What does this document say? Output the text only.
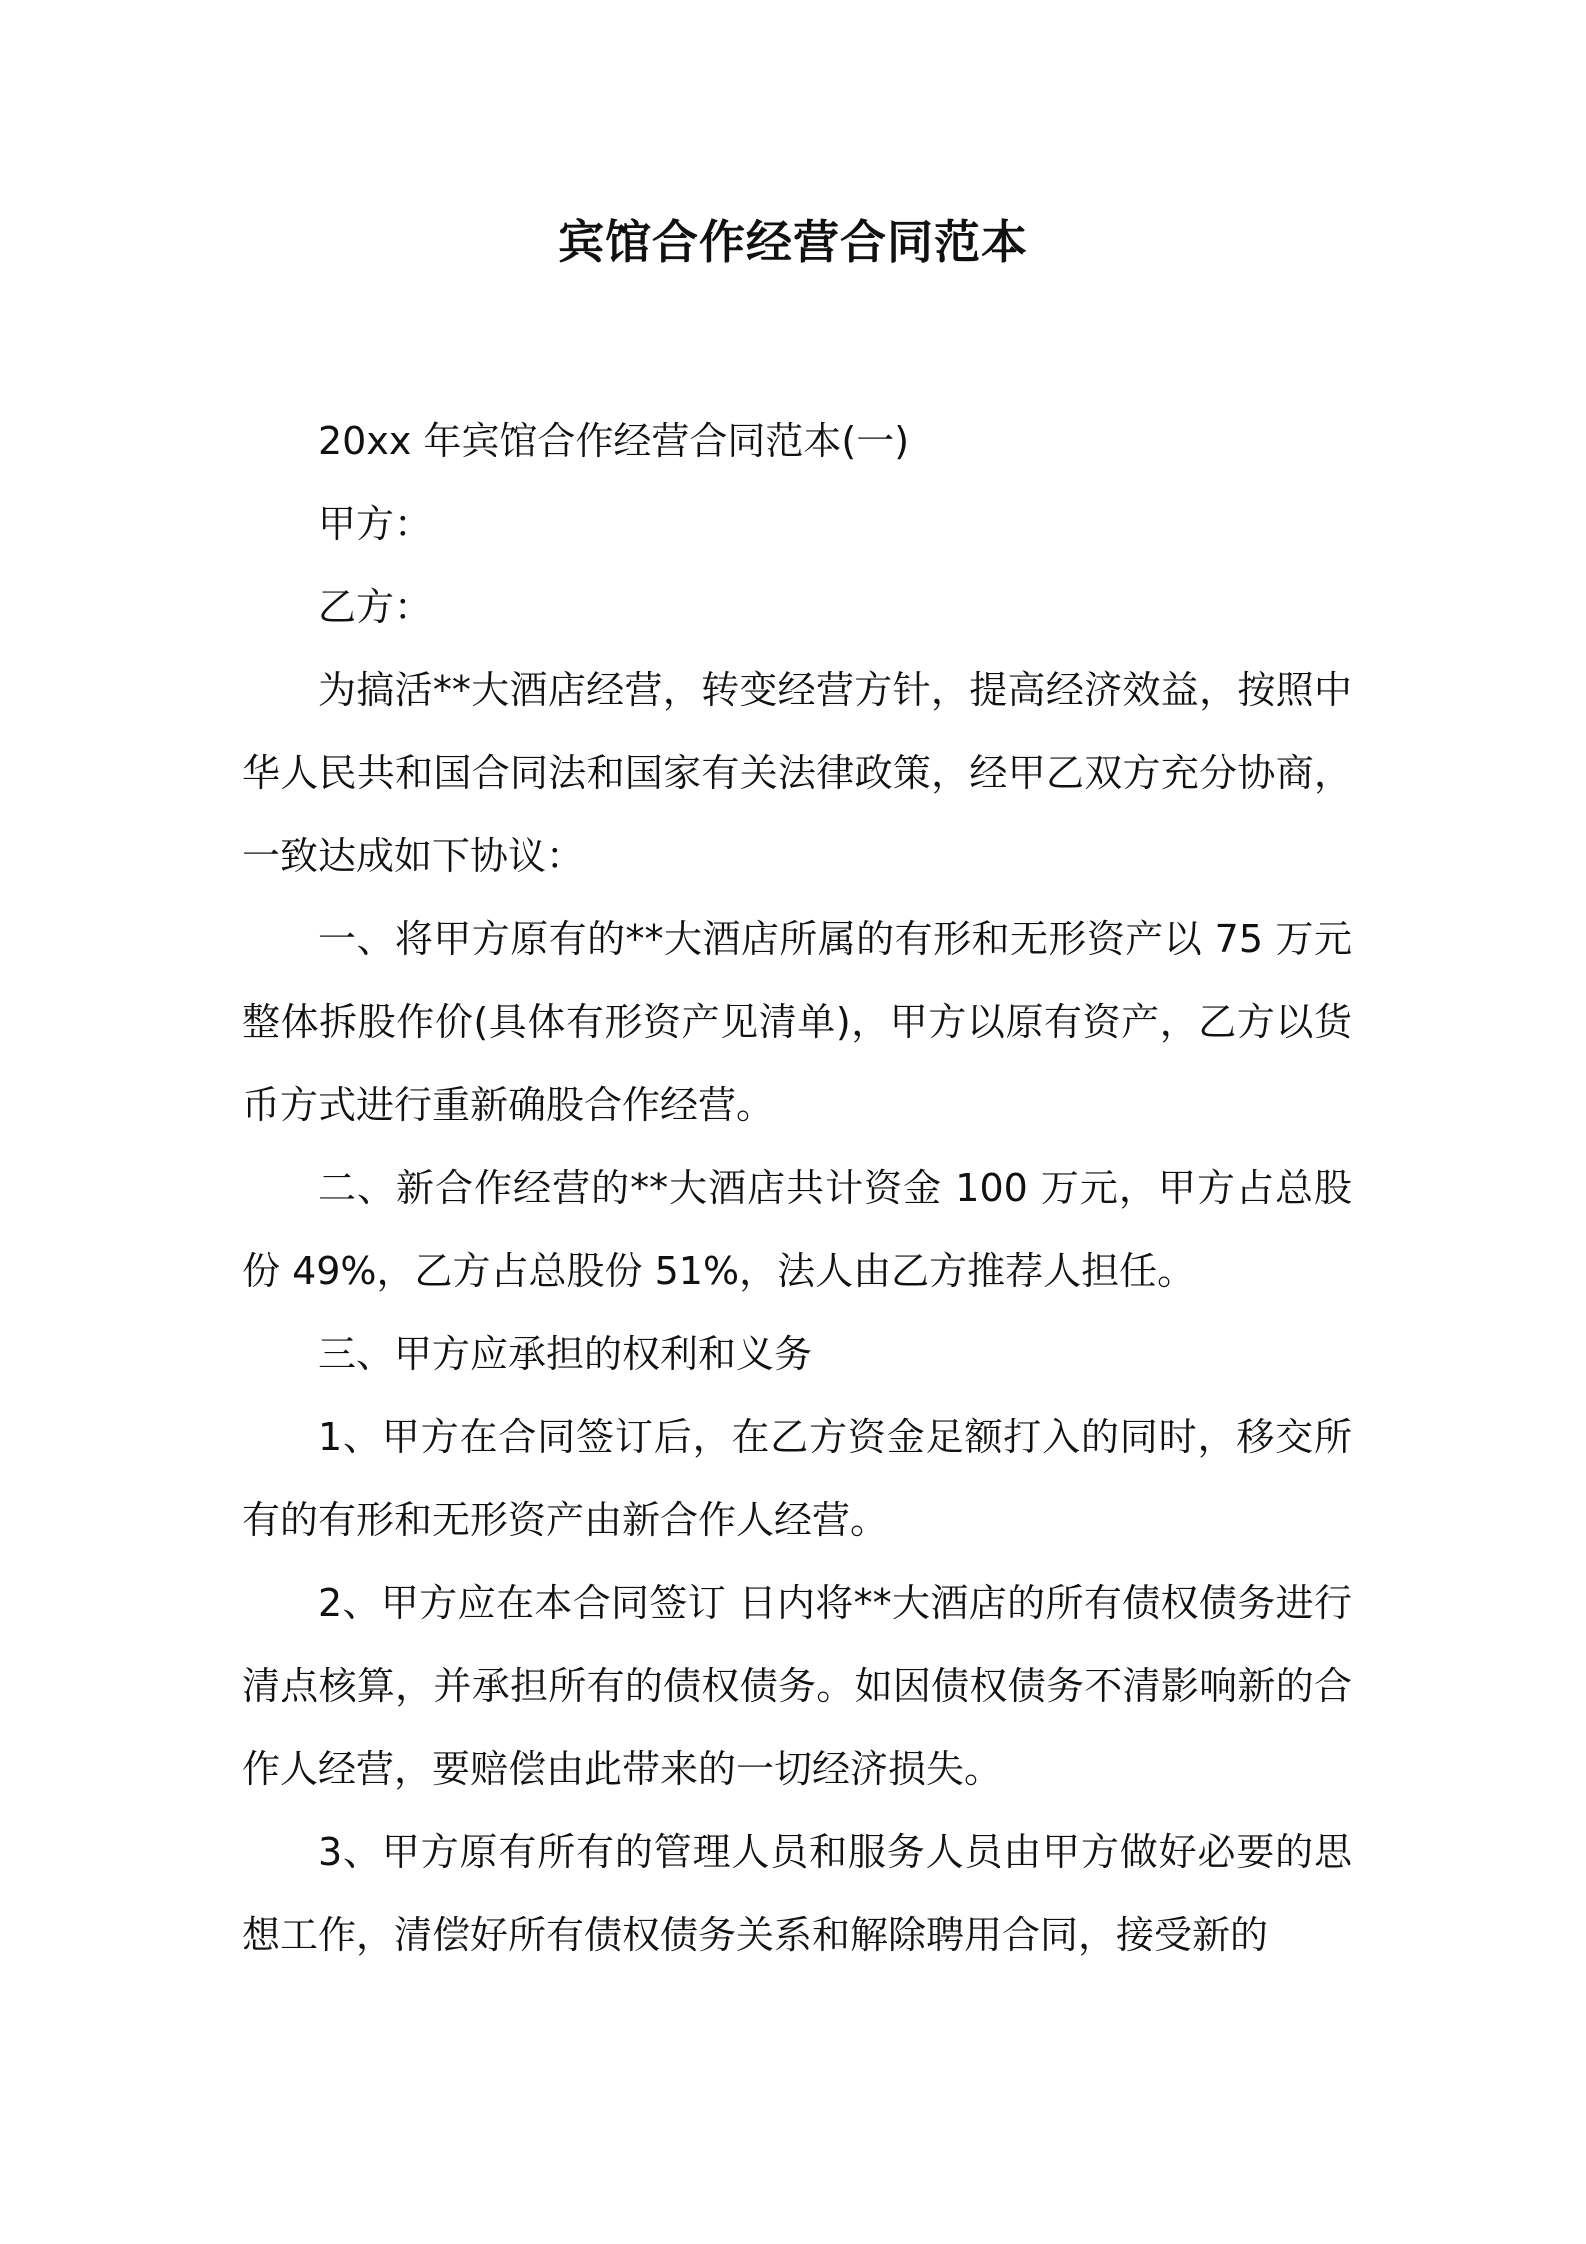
宾馆合作经营合同范本

20xx 年宾馆合作经营合同范本(一)

甲方：

乙方：

为搞活**大酒店经营，转变经营方针，提高经济效益，按照中华人民共和国合同法和国家有关法律政策，经甲乙双方充分协商，一致达成如下协议：

一、将甲方原有的**大酒店所属的有形和无形资产以 75 万元整体拆股作价(具体有形资产见清单)，甲方以原有资产，乙方以货币方式进行重新确股合作经营。

二、新合作经营的**大酒店共计资金 100 万元，甲方占总股份 49%，乙方占总股份 51%，法人由乙方推荐人担任。

三、甲方应承担的权利和义务

1、甲方在合同签订后，在乙方资金足额打入的同时，移交所有的有形和无形资产由新合作人经营。

2、甲方应在本合同签订 日内将**大酒店的所有债权债务进行清点核算，并承担所有的债权债务。如因债权债务不清影响新的合作人经营，要赔偿由此带来的一切经济损失。

3、甲方原有所有的管理人员和服务人员由甲方做好必要的思想工作，清偿好所有债权债务关系和解除聘用合同，接受新的
